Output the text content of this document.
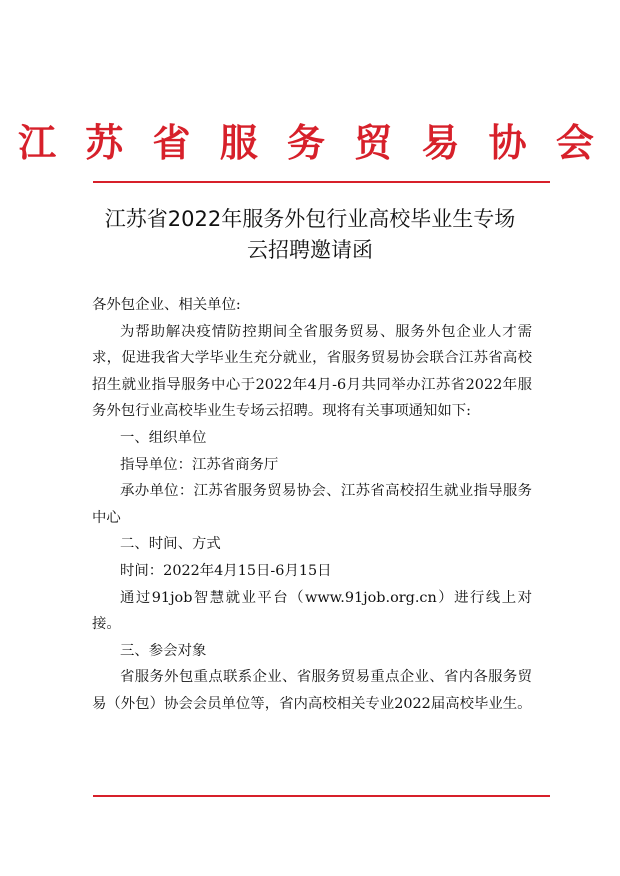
江 苏 省 服 务 贸 易 协 会
江苏省2022年服务外包行业高校毕业生专场
云招聘邀请函

各外包企业、相关单位:

为帮助解决疫情防控期间全省服务贸易、服务外包企业人才需求，促进我省大学毕业生充分就业，省服务贸易协会联合江苏省高校招生就业指导服务中心于2022年4月-6月共同举办江苏省2022年服务外包行业高校毕业生专场云招聘。现将有关事项通知如下:

一、组织单位

指导单位：江苏省商务厅

承办单位：江苏省服务贸易协会、江苏省高校招生就业指导服务中心

二、时间、方式

时间：2022年4月15日-6月15日

通过91job智慧就业平台（www.91job.org.cn）进行线上对接。

三、参会对象

省服务外包重点联系企业、省服务贸易重点企业、省内各服务贸易（外包）协会会员单位等，省内高校相关专业2022届高校毕业生。
